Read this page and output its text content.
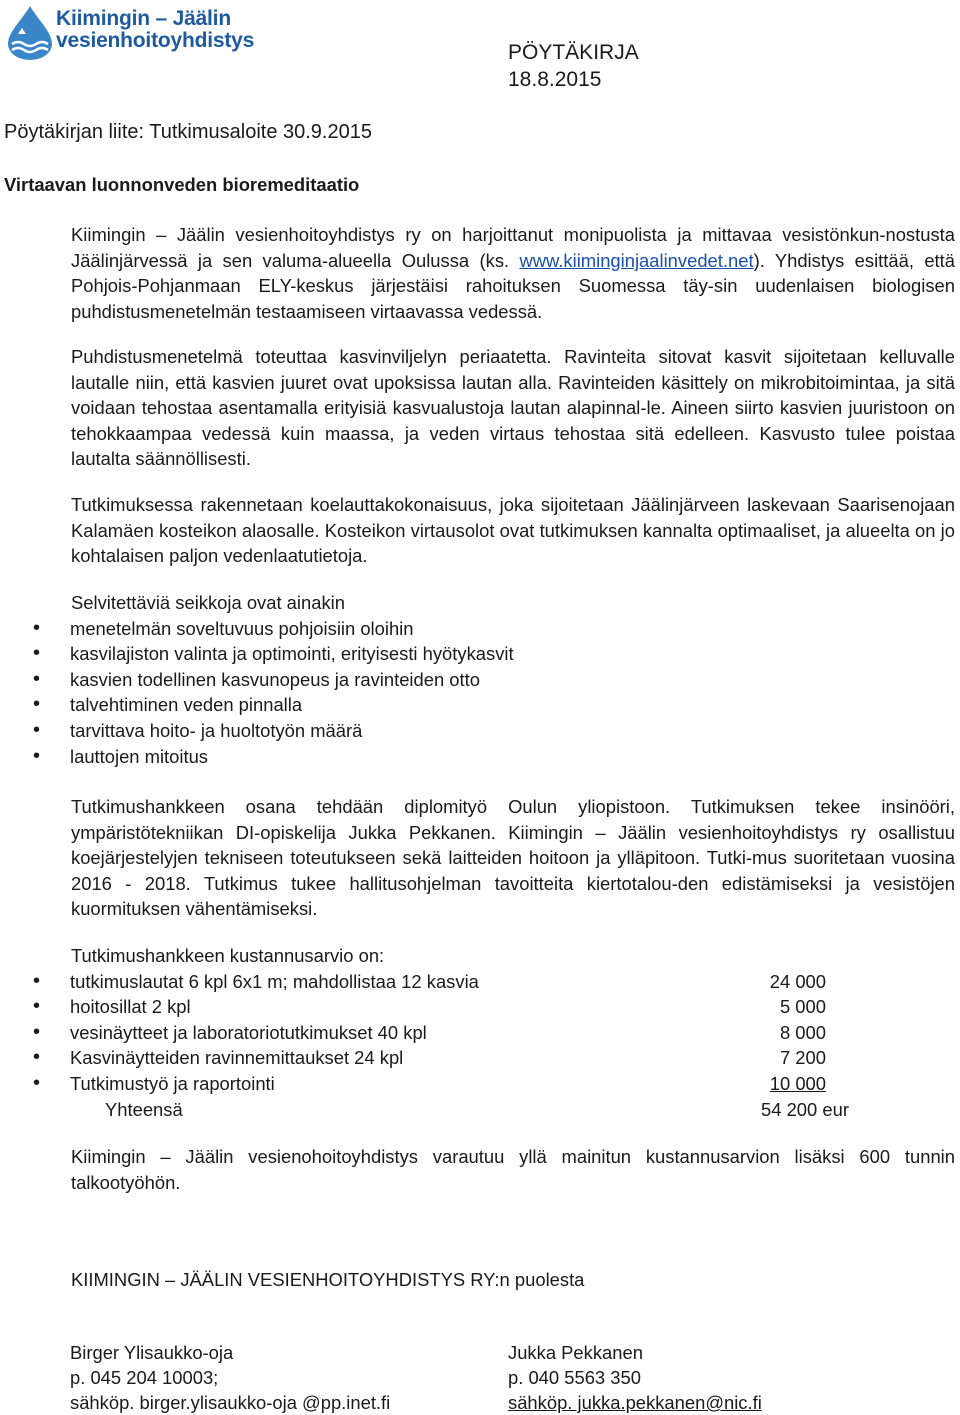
Kiimingin – Jäälin
vesienhoitoyhdistys
PÖYTÄKIRJA
18.8.2015
Pöytäkirjan liite: Tutkimusaloite 30.9.2015
Virtaavan luonnonveden bioremeditaatio

Kiimingin – Jäälin vesienhoitoyhdistys ry on harjoittanut monipuolista ja mittavaa vesistönkun-nostusta Jäälinjärvessä ja sen valuma-alueella Oulussa (ks. www.kiiminginjaalinvedet.net). Yhdistys esittää, että Pohjois-Pohjanmaan ELY-keskus järjestäisi rahoituksen Suomessa täy-sin uudenlaisen biologisen puhdistusmenetelmän testaamiseen virtaavassa vedessä.

Puhdistusmenetelmä toteuttaa kasvinviljelyn periaatetta. Ravinteita sitovat kasvit sijoitetaan kelluvalle lautalle niin, että kasvien juuret ovat upoksissa lautan alla. Ravinteiden käsittely on mikrobitoimintaa, ja sitä voidaan tehostaa asentamalla erityisiä kasvualustoja lautan alapinnal-le. Aineen siirto kasvien juuristoon on tehokkaampaa vedessä kuin maassa, ja veden virtaus tehostaa sitä edelleen. Kasvusto tulee poistaa lautalta säännöllisesti.

Tutkimuksessa rakennetaan koelauttakokonaisuus, joka sijoitetaan Jäälinjärveen laskevaan Saarisenojaan Kalamäen kosteikon alaosalle. Kosteikon virtausolot ovat tutkimuksen kannalta optimaaliset, ja alueelta on jo kohtalaisen paljon vedenlaatutietoja.

Selvitettäviä seikkoja ovat ainakin
• menetelmän soveltuvuus pohjoisiin oloihin
• kasvilajiston valinta ja optimointi, erityisesti hyötykasvit
• kasvien todellinen kasvunopeus ja ravinteiden otto
• talvehtiminen veden pinnalla
• tarvittava hoito- ja huoltotyön määrä
• lauttojen mitoitus

Tutkimushankkeen osana tehdään diplomityö Oulun yliopistoon. Tutkimuksen tekee insinööri, ympäristötekniikan DI-opiskelija Jukka Pekkanen. Kiimingin – Jäälin vesienhoitoyhdistys ry osallistuu koejärjestelyjen tekniseen toteutukseen sekä laitteiden hoitoon ja ylläpitoon. Tutki-mus suoritetaan vuosina 2016 - 2018. Tutkimus tukee hallitusohjelman tavoitteita kiertotalou-den edistämiseksi ja vesistöjen kuormituksen vähentämiseksi.

Tutkimushankkeen kustannusarvio on:
• tutkimuslautat 6 kpl 6x1 m; mahdollistaa 12 kasvia	24 000
• hoitosillat 2 kpl	5 000
• vesinäytteet ja laboratoriotutkimukset 40 kpl	8 000
• Kasvinäytteiden ravinnemittaukset 24 kpl	7 200
• Tutkimustyö ja raportointi	10 000
Yhteensä	54 200 eur

Kiimingin – Jäälin vesienohoitoyhdistys varautuu yllä mainitun kustannusarvion lisäksi 600 tunnin talkootyöhön.

KIIMINGIN – JÄÄLIN VESIENHOITOYHDISTYS RY:n puolesta
Birger Ylisaukko-oja
p. 045 204 10003;
sähköp. birger.ylisaukko-oja @pp.inet.fi
Jukka Pekkanen
p. 040 5563 350
sähköp. jukka.pekkanen@nic.fi
